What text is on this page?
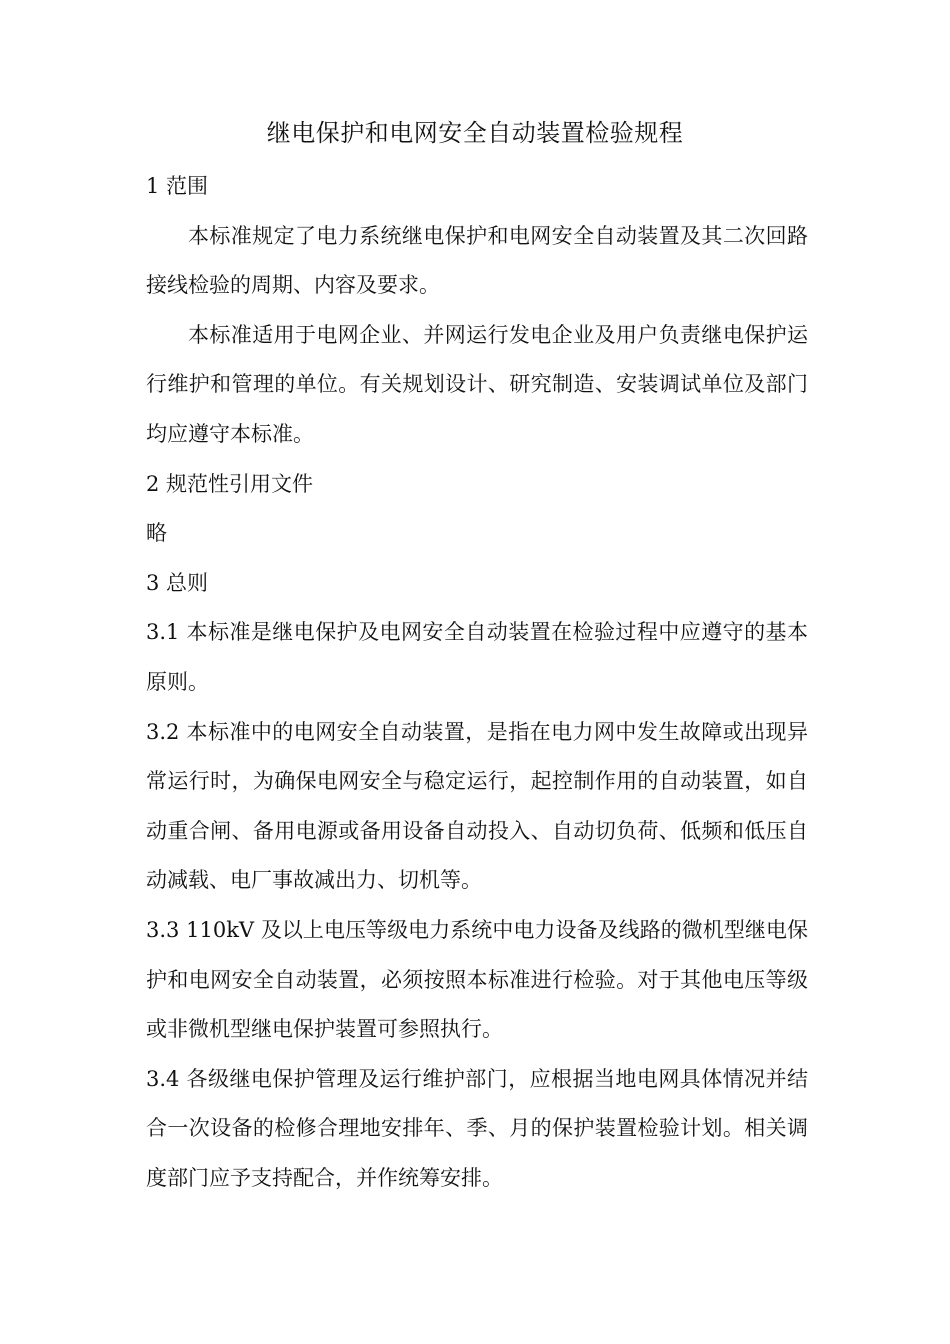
继电保护和电网安全自动装置检验规程

1 范围

本标准规定了电力系统继电保护和电网安全自动装置及其二次回路接线检验的周期、内容及要求。

本标准适用于电网企业、并网运行发电企业及用户负责继电保护运行维护和管理的单位。有关规划设计、研究制造、安装调试单位及部门均应遵守本标准。

2 规范性引用文件

略

3 总则

3.1 本标准是继电保护及电网安全自动装置在检验过程中应遵守的基本原则。

3.2 本标准中的电网安全自动装置，是指在电力网中发生故障或出现异常运行时，为确保电网安全与稳定运行，起控制作用的自动装置，如自动重合闸、备用电源或备用设备自动投入、自动切负荷、低频和低压自动减载、电厂事故减出力、切机等。

3.3 110kV 及以上电压等级电力系统中电力设备及线路的微机型继电保护和电网安全自动装置，必须按照本标准进行检验。对于其他电压等级或非微机型继电保护装置可参照执行。

3.4 各级继电保护管理及运行维护部门，应根据当地电网具体情况并结合一次设备的检修合理地安排年、季、月的保护装置检验计划。相关调度部门应予支持配合，并作统筹安排。
